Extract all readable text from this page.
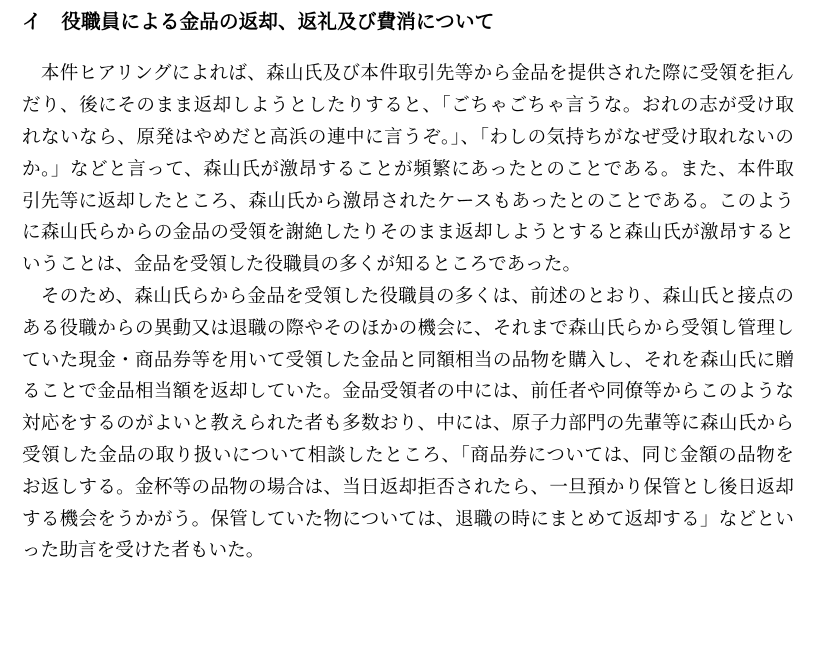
イ　役職員による金品の返却、返礼及び費消について

　本件ヒアリングによれば、森山氏及び本件取引先等から金品を提供された際に受領を拒んだり、後にそのまま返却しようとしたりすると、「ごちゃごちゃ言うな。おれの志が受け取れないなら、原発はやめだと高浜の連中に言うぞ。」、「わしの気持ちがなぜ受け取れないのか。」などと言って、森山氏が激昂することが頻繁にあったとのことである。また、本件取引先等に返却したところ、森山氏から激昂されたケースもあったとのことである。このように森山氏らからの金品の受領を謝絶したりそのまま返却しようとすると森山氏が激昂するということは、金品を受領した役職員の多くが知るところであった。

　そのため、森山氏らから金品を受領した役職員の多くは、前述のとおり、森山氏と接点のある役職からの異動又は退職の際やそのほかの機会に、それまで森山氏らから受領し管理していた現金・商品券等を用いて受領した金品と同額相当の品物を購入し、それを森山氏に贈ることで金品相当額を返却していた。金品受領者の中には、前任者や同僚等からこのような対応をするのがよいと教えられた者も多数おり、中には、原子力部門の先輩等に森山氏から受領した金品の取り扱いについて相談したところ、「商品券については、同じ金額の品物をお返しする。金杯等の品物の場合は、当日返却拒否されたら、一旦預かり保管とし後日返却する機会をうかがう。保管していた物については、退職の時にまとめて返却する」などといった助言を受けた者もいた。
